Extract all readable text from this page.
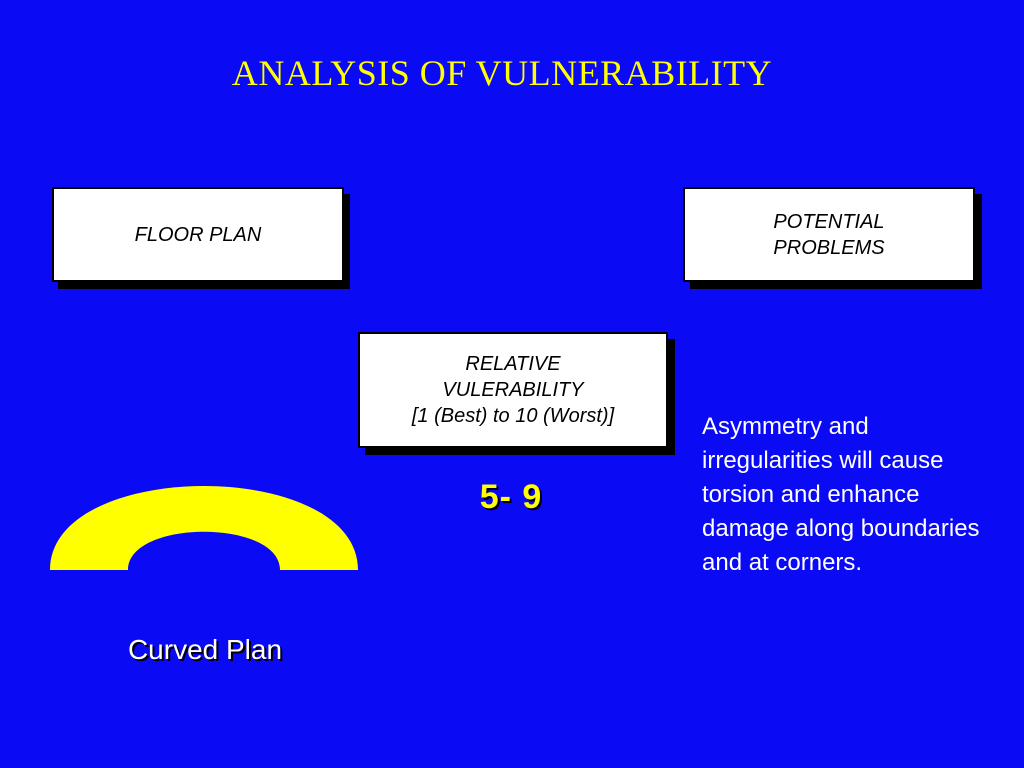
ANALYSIS OF VULNERABILITY
FLOOR PLAN
POTENTIAL
PROBLEMS
RELATIVE
VULERABILITY
[1 (Best) to 10 (Worst)]
5- 9
Asymmetry and irregularities will cause torsion and enhance damage along boundaries and at corners.
Curved Plan
